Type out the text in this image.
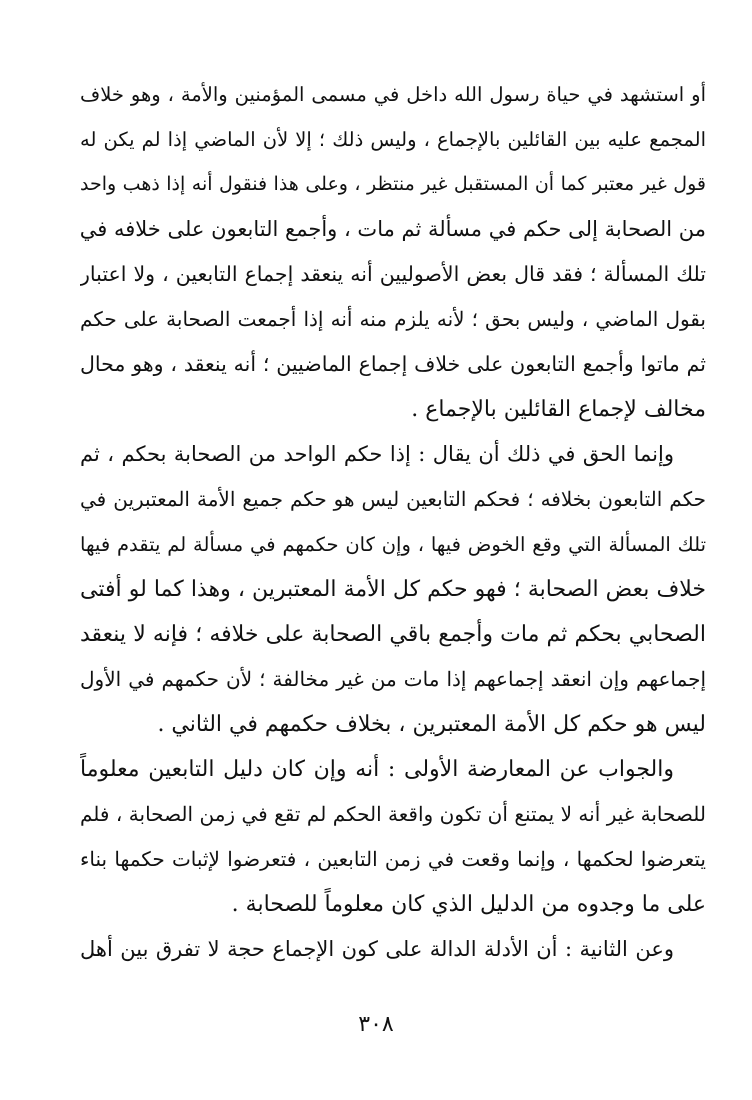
أو استشهد في حياة رسول الله داخل في مسمى المؤمنين والأمة ، وهو خلاف
المجمع عليه بين القائلين بالإجماع ، وليس ذلك ؛ إلا لأن الماضي إذا لم يكن له
قول غير معتبر كما أن المستقبل غير منتظر ، وعلى هذا فنقول أنه إذا ذهب واحد
من الصحابة إلى حكم في مسألة ثم مات ، وأجمع التابعون على خلافه في
تلك المسألة ؛ فقد قال بعض الأصوليين أنه ينعقد إجماع التابعين ، ولا اعتبار
بقول الماضي ، وليس بحق ؛ لأنه يلزم منه أنه إذا أجمعت الصحابة على حكم
ثم ماتوا وأجمع التابعون على خلاف إجماع الماضيين ؛ أنه ينعقد ، وهو محال
مخالف لإجماع القائلين بالإجماع .
وإنما الحق في ذلك أن يقال : إذا حكم الواحد من الصحابة بحكم ، ثم
حكم التابعون بخلافه ؛ فحكم التابعين ليس هو حكم جميع الأمة المعتبرين في
تلك المسألة التي وقع الخوض فيها ، وإن كان حكمهم في مسألة لم يتقدم فيها
خلاف بعض الصحابة ؛ فهو حكم كل الأمة المعتبرين ، وهذا كما لو أفتى
الصحابي بحكم ثم مات وأجمع باقي الصحابة على خلافه ؛ فإنه لا ينعقد
إجماعهم وإن انعقد إجماعهم إذا مات من غير مخالفة ؛ لأن حكمهم في الأول
ليس هو حكم كل الأمة المعتبرين ، بخلاف حكمهم في الثاني .
والجواب عن المعارضة الأولى : أنه وإن كان دليل التابعين معلوماً
للصحابة غير أنه لا يمتنع أن تكون واقعة الحكم لم تقع في زمن الصحابة ، فلم
يتعرضوا لحكمها ، وإنما وقعت في زمن التابعين ، فتعرضوا لإثبات حكمها بناء
على ما وجدوه من الدليل الذي كان معلوماً للصحابة .
وعن الثانية : أن الأدلة الدالة على كون الإجماع حجة لا تفرق بين أهل
٣٠٨
